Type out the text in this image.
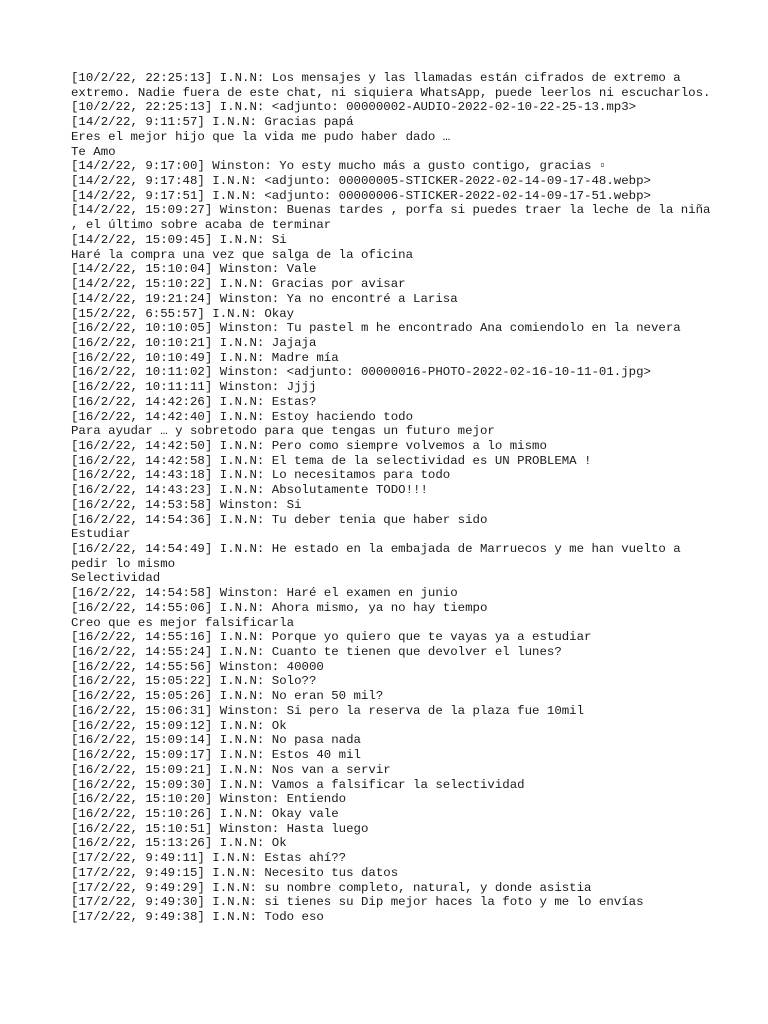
[10/2/22, 22:25:13] I.N.N: Los mensajes y las llamadas están cifrados de extremo a extremo. Nadie fuera de este chat, ni siquiera WhatsApp, puede leerlos ni escucharlos.
[10/2/22, 22:25:13] I.N.N: <adjunto: 00000002-AUDIO-2022-02-10-22-25-13.mp3>
[14/2/22, 9:11:57] I.N.N: Gracias papá
Eres el mejor hijo que la vida me pudo haber dado …
Te Amo
[14/2/22, 9:17:00] Winston: Yo esty mucho más a gusto contigo, gracias ▫
[14/2/22, 9:17:48] I.N.N: <adjunto: 00000005-STICKER-2022-02-14-09-17-48.webp>
[14/2/22, 9:17:51] I.N.N: <adjunto: 00000006-STICKER-2022-02-14-09-17-51.webp>
[14/2/22, 15:09:27] Winston: Buenas tardes , porfa si puedes traer la leche de la niña , el último sobre acaba de terminar
[14/2/22, 15:09:45] I.N.N: Si
Haré la compra una vez que salga de la oficina
[14/2/22, 15:10:04] Winston: Vale
[14/2/22, 15:10:22] I.N.N: Gracias por avisar
[14/2/22, 19:21:24] Winston: Ya no encontré a Larisa
[15/2/22, 6:55:57] I.N.N: Okay
[16/2/22, 10:10:05] Winston: Tu pastel m he encontrado Ana comiendolo en la nevera
[16/2/22, 10:10:21] I.N.N: Jajaja
[16/2/22, 10:10:49] I.N.N: Madre mía
[16/2/22, 10:11:02] Winston: <adjunto: 00000016-PHOTO-2022-02-16-10-11-01.jpg>
[16/2/22, 10:11:11] Winston: Jjjj
[16/2/22, 14:42:26] I.N.N: Estas?
[16/2/22, 14:42:40] I.N.N: Estoy haciendo todo
Para ayudar … y sobretodo para que tengas un futuro mejor
[16/2/22, 14:42:50] I.N.N: Pero como siempre volvemos a lo mismo
[16/2/22, 14:42:58] I.N.N: El tema de la selectividad es UN PROBLEMA !
[16/2/22, 14:43:18] I.N.N: Lo necesitamos para todo
[16/2/22, 14:43:23] I.N.N: Absolutamente TODO!!!
[16/2/22, 14:53:58] Winston: Si
[16/2/22, 14:54:36] I.N.N: Tu deber tenia que haber sido
Estudiar
[16/2/22, 14:54:49] I.N.N: He estado en la embajada de Marruecos y me han vuelto a pedir lo mismo
Selectividad
[16/2/22, 14:54:58] Winston: Haré el examen en junio
[16/2/22, 14:55:06] I.N.N: Ahora mismo, ya no hay tiempo
Creo que es mejor falsificarla
[16/2/22, 14:55:16] I.N.N: Porque yo quiero que te vayas ya a estudiar
[16/2/22, 14:55:24] I.N.N: Cuanto te tienen que devolver el lunes?
[16/2/22, 14:55:56] Winston: 40000
[16/2/22, 15:05:22] I.N.N: Solo??
[16/2/22, 15:05:26] I.N.N: No eran 50 mil?
[16/2/22, 15:06:31] Winston: Si pero la reserva de la plaza fue 10mil
[16/2/22, 15:09:12] I.N.N: Ok
[16/2/22, 15:09:14] I.N.N: No pasa nada
[16/2/22, 15:09:17] I.N.N: Estos 40 mil
[16/2/22, 15:09:21] I.N.N: Nos van a servir
[16/2/22, 15:09:30] I.N.N: Vamos a falsificar la selectividad
[16/2/22, 15:10:20] Winston: Entiendo
[16/2/22, 15:10:26] I.N.N: Okay vale
[16/2/22, 15:10:51] Winston: Hasta luego
[16/2/22, 15:13:26] I.N.N: Ok
[17/2/22, 9:49:11] I.N.N: Estas ahí??
[17/2/22, 9:49:15] I.N.N: Necesito tus datos
[17/2/22, 9:49:29] I.N.N: su nombre completo, natural, y donde asistia
[17/2/22, 9:49:30] I.N.N: si tienes su Dip mejor haces la foto y me lo envías
[17/2/22, 9:49:38] I.N.N: Todo eso
